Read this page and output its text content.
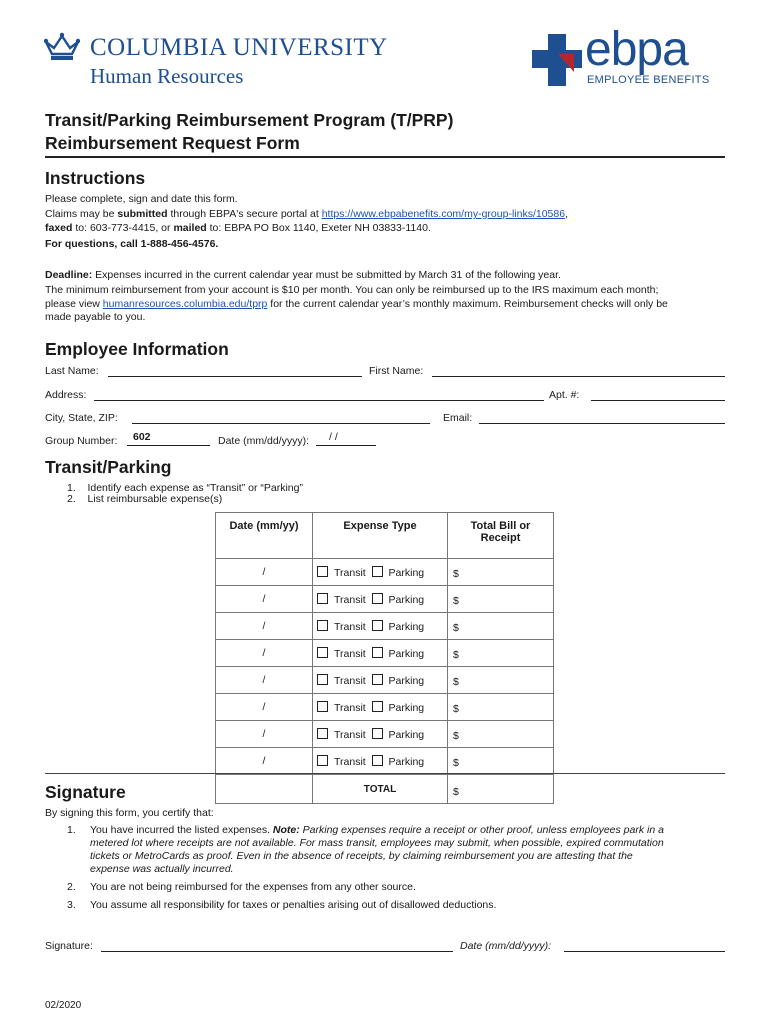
COLUMBIA UNIVERSITY
Human Resources	ebpa
EMPLOYEE BENEFITS
Transit/Parking Reimbursement Program (T/PRP)
Reimbursement Request Form
Instructions
Please complete, sign and date this form.
Claims may be submitted through EBPA's secure portal at https://www.ebpabenefits.com/my-group-links/10586,
faxed to: 603-773-4415, or mailed to: EBPA PO Box 1140, Exeter NH 03833-1140.
For questions, call 1-888-456-4576.
Deadline: Expenses incurred in the current calendar year must be submitted by March 31 of the following year.
The minimum reimbursement from your account is $10 per month. You can only be reimbursed up to the IRS maximum each month;
please view humanresources.columbia.edu/tprp for the current calendar year’s monthly maximum. Reimbursement checks will only be
made payable to you.
Employee Information
Last Name:	First Name:
Address:	Apt. #:
City, State, ZIP:	Email:
Group Number: 602	Date (mm/dd/yyyy): / /
Transit/Parking
1.    Identify each expense as “Transit” or “Parking”
2.    List reimbursable expense(s)
Date (mm/yy)	Expense Type	Total Bill or
Receipt
/	Transit Parking	$
/	Transit Parking	$
/	Transit Parking	$
/	Transit Parking	$
/	Transit Parking	$
/	Transit Parking	$
/	Transit Parking	$
/	Transit Parking	$
	TOTAL	$
Signature
By signing this form, you certify that:
1. You have incurred the listed expenses. Note: Parking expenses require a receipt or other proof, unless employees park in a
metered lot where receipts are not available. For mass transit, employees may submit, when possible, expired commutation
tickets or MetroCards as proof. Even in the absence of receipts, by claiming reimbursement you are attesting that the
expense was actually incurred.
2. You are not being reimbursed for the expenses from any other source.
3. You assume all responsibility for taxes or penalties arising out of disallowed deductions.
Signature:	Date (mm/dd/yyyy):
02/2020
